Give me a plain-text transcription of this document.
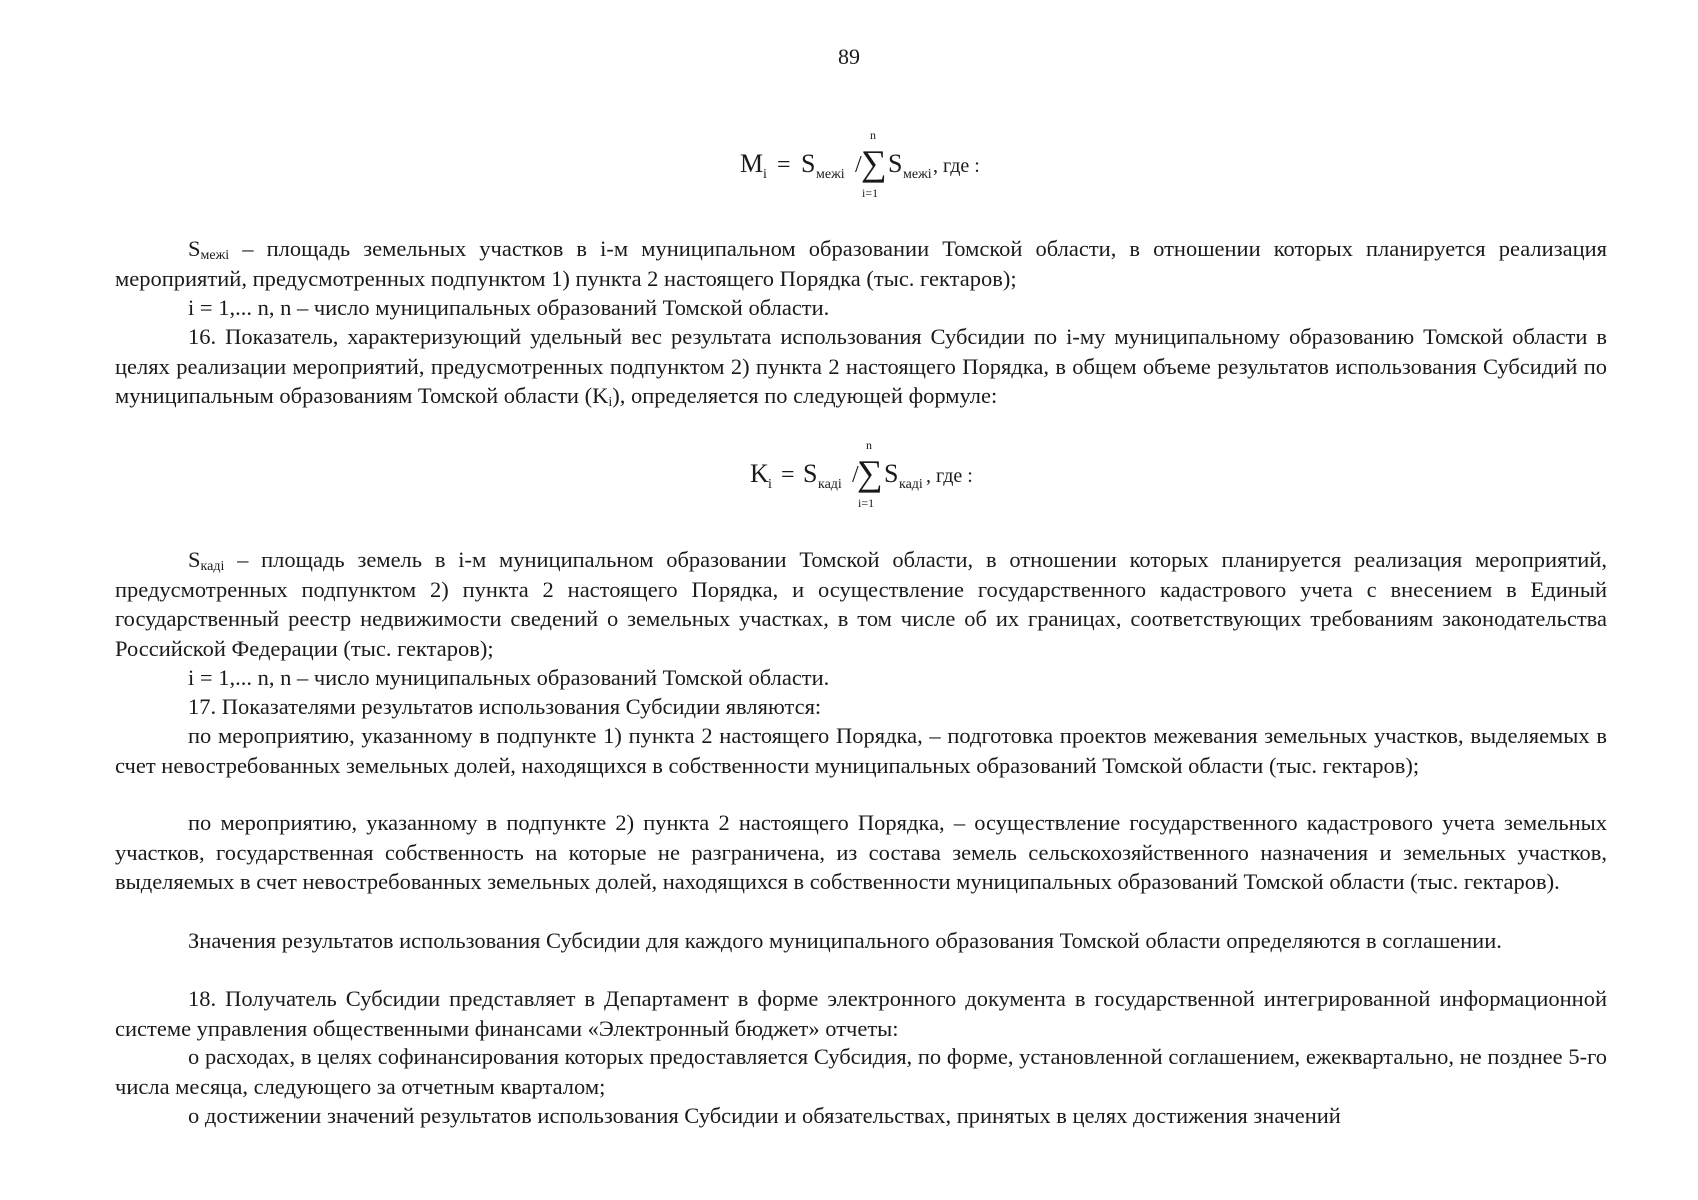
89
M i = S межі /
n
∑
i=1
S межі , где :

$S_{межі}$ – площадь земельных участков в i-м муниципальном образовании Томской области, в отношении которых планируется реализация мероприятий, предусмотренных подпунктом 1) пункта 2 настоящего Порядка (тыс. гектаров);

i = 1,... n, n – число муниципальных образований Томской области.

16. Показатель, характеризующий удельный вес результата использования Субсидии по i-му муниципальному образованию Томской области в целях реализации мероприятий, предусмотренных подпунктом 2) пункта 2 настоящего Порядка, в общем объеме результатов использования Субсидий по муниципальным образованиям Томской области $(K_i)$, определяется по следующей формуле:

K i = S каді /
n
∑
i=1
S каді , где :

$S_{каді}$ – площадь земель в i-м муниципальном образовании Томской области, в отношении которых планируется реализация мероприятий, предусмотренных подпунктом 2) пункта 2 настоящего Порядка, и осуществление государственного кадастрового учета с внесением в Единый государственный реестр недвижимости сведений о земельных участках, в том числе об их границах, соответствующих требованиям законодательства Российской Федерации (тыс. гектаров);

i = 1,... n, n – число муниципальных образований Томской области.

17. Показателями результатов использования Субсидии являются:

по мероприятию, указанному в подпункте 1) пункта 2 настоящего Порядка, – подготовка проектов межевания земельных участков, выделяемых в счет невостребованных земельных долей, находящихся в собственности муниципальных образований Томской области (тыс. гектаров);

по мероприятию, указанному в подпункте 2) пункта 2 настоящего Порядка, – осуществление государственного кадастрового учета земельных участков, государственная собственность на которые не разграничена, из состава земель сельскохозяйственного назначения и земельных участков, выделяемых в счет невостребованных земельных долей, находящихся в собственности муниципальных образований Томской области (тыс. гектаров).

Значения результатов использования Субсидии для каждого муниципального образования Томской области определяются в соглашении.

18. Получатель Субсидии представляет в Департамент в форме электронного документа в государственной интегрированной информационной системе управления общественными финансами «Электронный бюджет» отчеты:

о расходах, в целях софинансирования которых предоставляется Субсидия, по форме, установленной соглашением, ежеквартально, не позднее 5-го числа месяца, следующего за отчетным кварталом;

о достижении значений результатов использования Субсидии и обязательствах, принятых в целях достижения значений
